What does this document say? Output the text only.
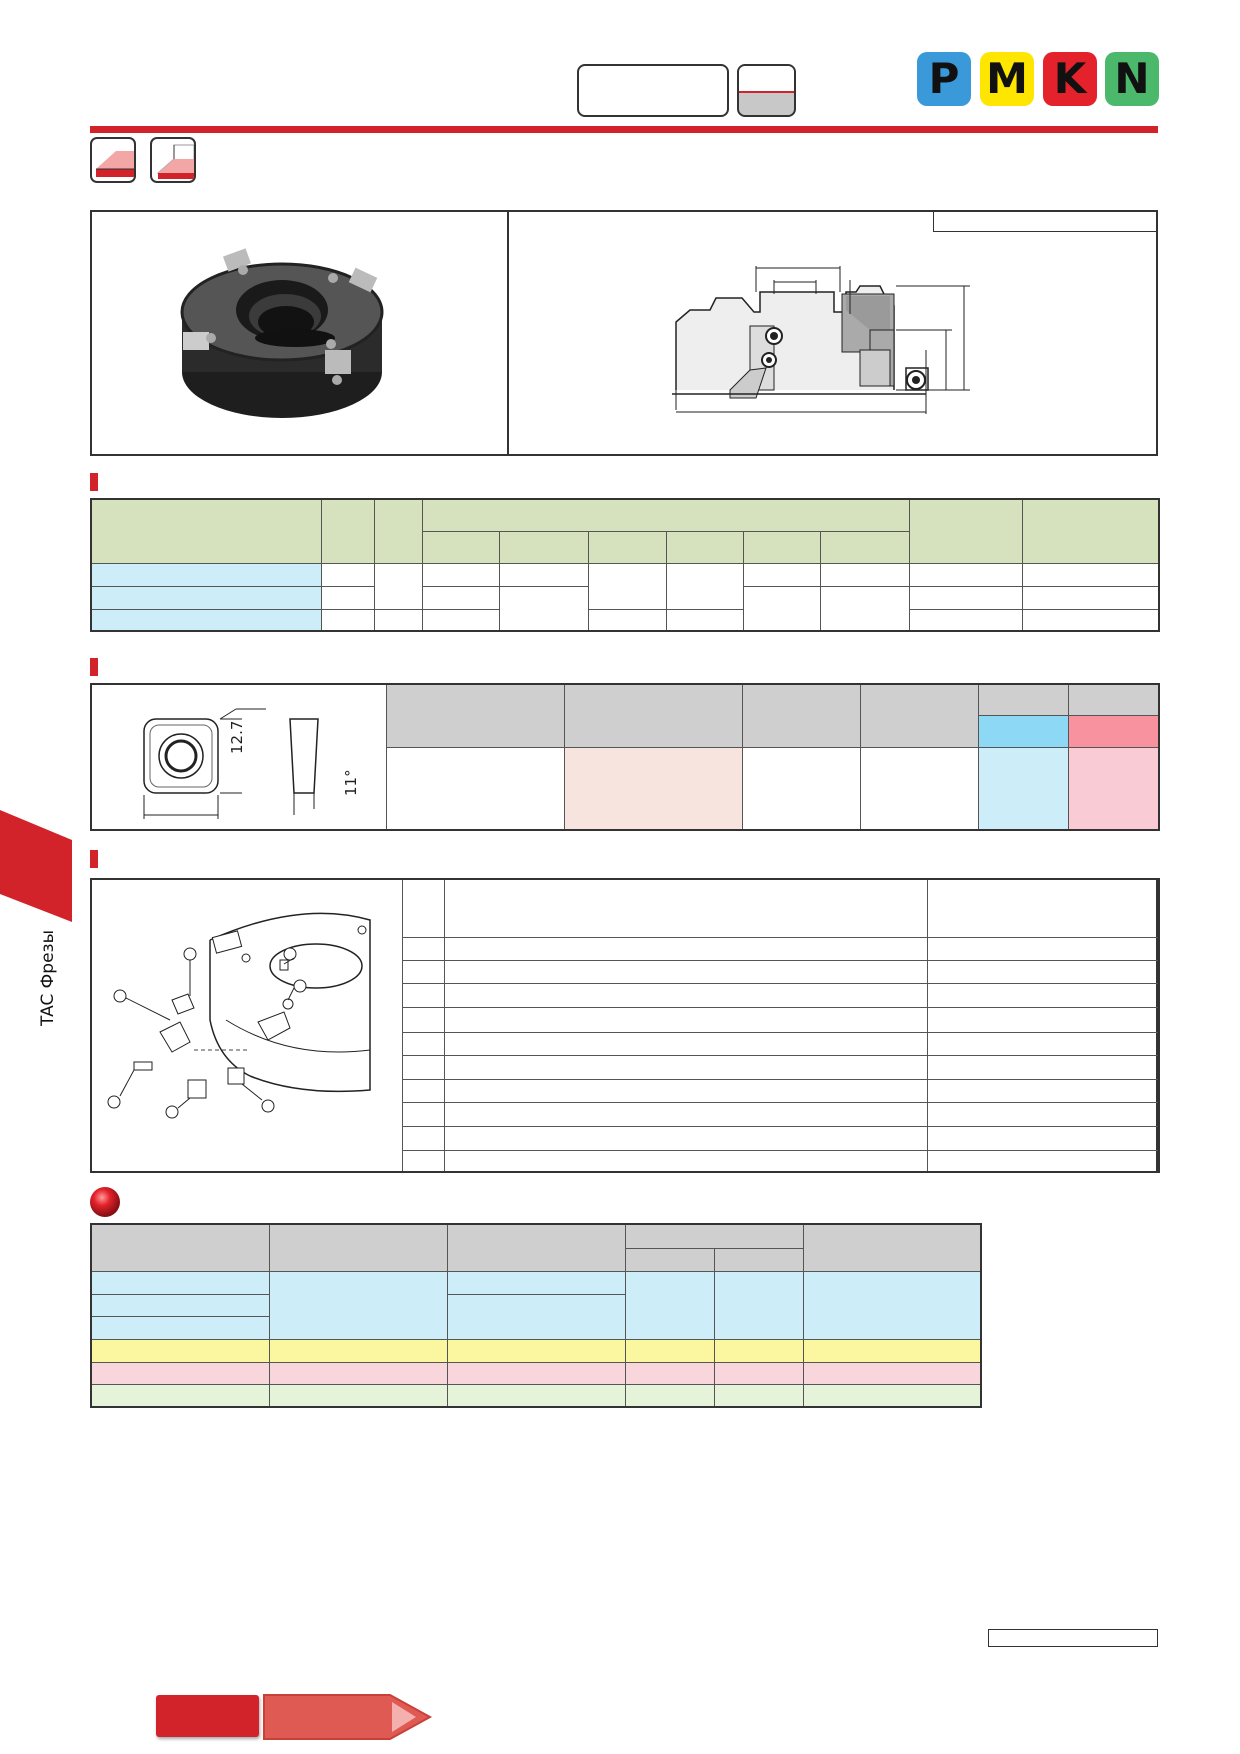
P M K N

12.7
11°

TAC Фрезы
